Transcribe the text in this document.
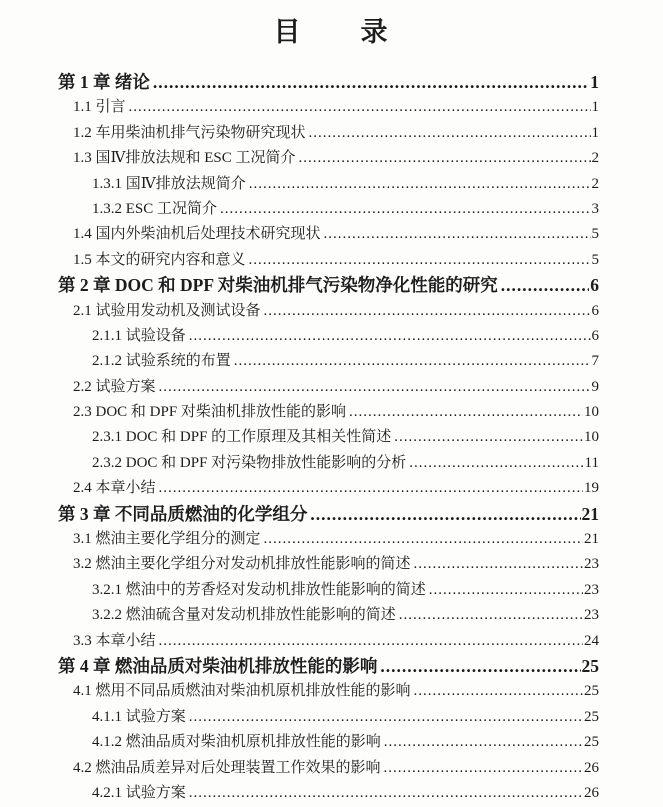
目　　录
第 1 章 绪论 .....	1
1.1 引言 .....	1
1.2 车用柴油机排气污染物研究现状 .....	1
1.3 国Ⅳ排放法规和 ESC 工况简介 .....	2
1.3.1 国Ⅳ排放法规简介 .....	2
1.3.2 ESC 工况简介 .....	3
1.4 国内外柴油机后处理技术研究现状 .....	5
1.5 本文的研究内容和意义 .....	5
第 2 章 DOC 和 DPF 对柴油机排气污染物净化性能的研究 .....	6
2.1 试验用发动机及测试设备 .....	6
2.1.1 试验设备 .....	6
2.1.2 试验系统的布置 .....	7
2.2 试验方案 .....	9
2.3 DOC 和 DPF 对柴油机排放性能的影响 .....	10
2.3.1 DOC 和 DPF 的工作原理及其相关性简述 .....	10
2.3.2 DOC 和 DPF 对污染物排放性能影响的分析 .....	11
2.4 本章小结 .....	19
第 3 章 不同品质燃油的化学组分 .....	21
3.1 燃油主要化学组分的测定 .....	21
3.2 燃油主要化学组分对发动机排放性能影响的简述 .....	23
3.2.1 燃油中的芳香烃对发动机排放性能影响的简述 .....	23
3.2.2 燃油硫含量对发动机排放性能影响的简述 .....	23
3.3 本章小结 .....	24
第 4 章 燃油品质对柴油机排放性能的影响 .....	25
4.1 燃用不同品质燃油对柴油机原机排放性能的影响 .....	25
4.1.1 试验方案 .....	25
4.1.2 燃油品质对柴油机原机排放性能的影响 .....	25
4.2 燃油品质差异对后处理装置工作效果的影响 .....	26
4.2.1 试验方案 .....	26
